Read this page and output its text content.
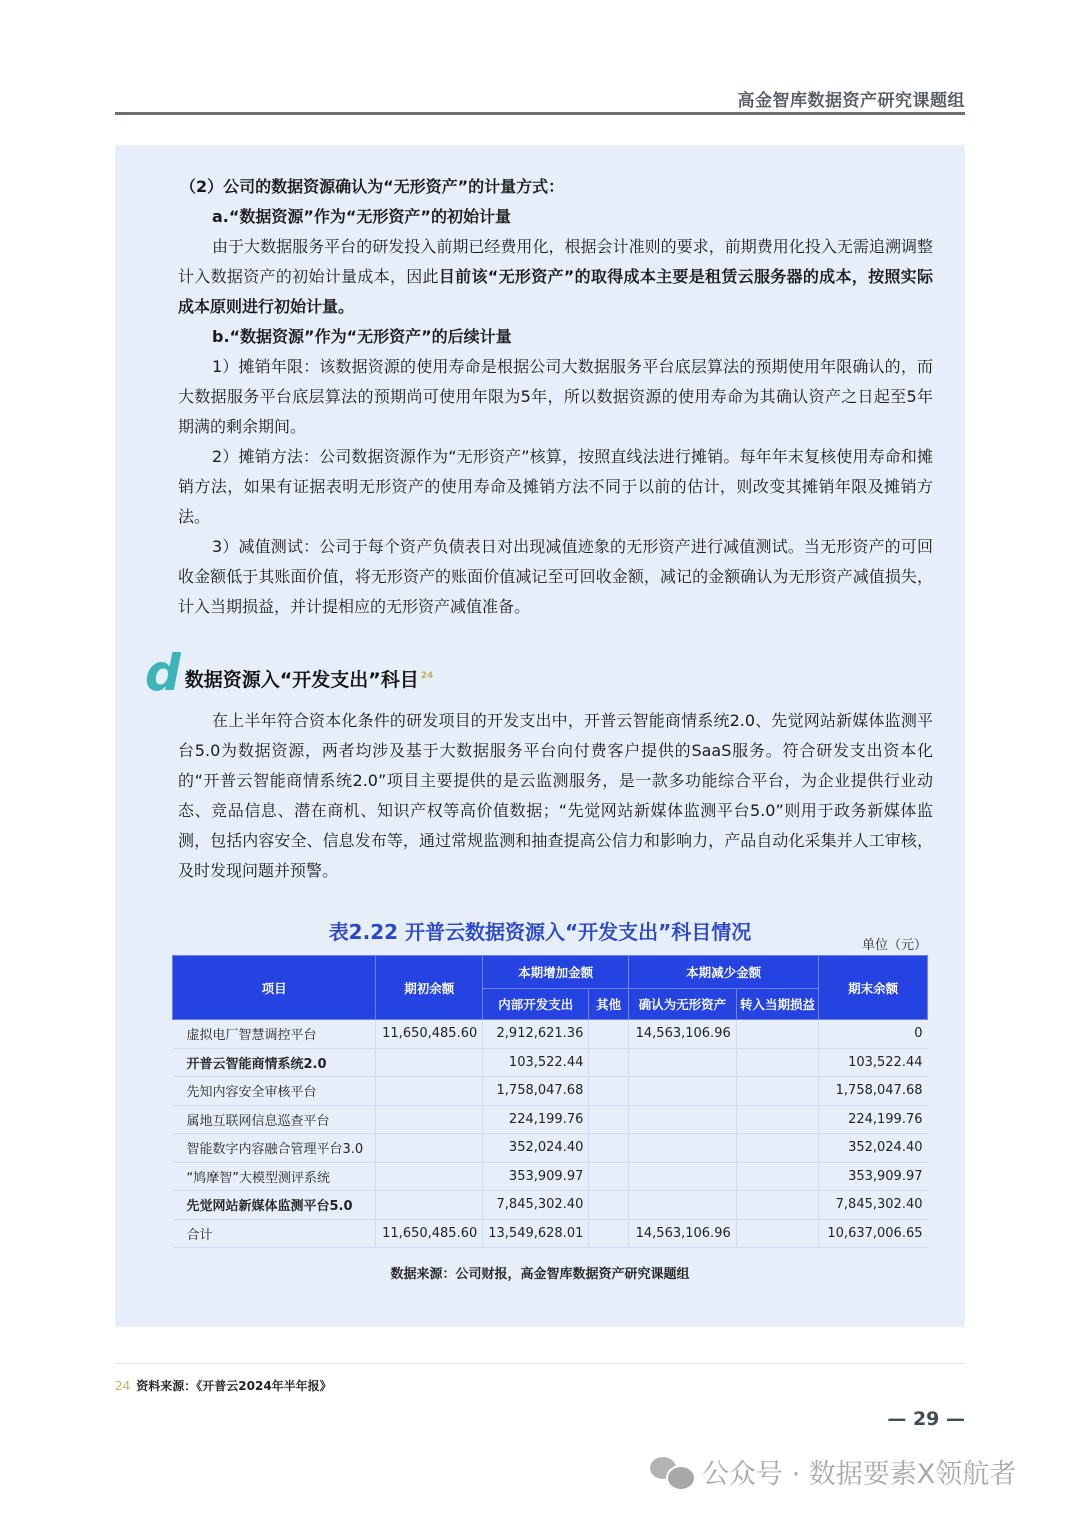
高金智库数据资产研究课题组

（2）公司的数据资源确认为“无形资产”的计量方式：

a.“数据资源”作为“无形资产”的初始计量

由于大数据服务平台的研发投入前期已经费用化，根据会计准则的要求，前期费用化投入无需追溯调整计入数据资产的初始计量成本，因此目前该“无形资产”的取得成本主要是租赁云服务器的成本，按照实际成本原则进行初始计量。

b.“数据资源”作为“无形资产”的后续计量

1）摊销年限：该数据资源的使用寿命是根据公司大数据服务平台底层算法的预期使用年限确认的，而大数据服务平台底层算法的预期尚可使用年限为5年，所以数据资源的使用寿命为其确认资产之日起至5年期满的剩余期间。

2）摊销方法：公司数据资源作为“无形资产”核算，按照直线法进行摊销。每年年末复核使用寿命和摊销方法，如果有证据表明无形资产的使用寿命及摊销方法不同于以前的估计，则改变其摊销年限及摊销方法。

3）减值测试：公司于每个资产负债表日对出现减值迹象的无形资产进行减值测试。当无形资产的可回收金额低于其账面价值，将无形资产的账面价值减记至可回收金额，减记的金额确认为无形资产减值损失，计入当期损益，并计提相应的无形资产减值准备。

d 数据资源入“开发支出”科目 $^{24}$

在上半年符合资本化条件的研发项目的开发支出中，开普云智能商情系统2.0、先觉网站新媒体监测平台5.0为数据资源，两者均涉及基于大数据服务平台向付费客户提供的SaaS服务。符合研发支出资本化的“开普云智能商情系统2.0”项目主要提供的是云监测服务，是一款多功能综合平台，为企业提供行业动态、竞品信息、潜在商机、知识产权等高价值数据；“先觉网站新媒体监测平台5.0”则用于政务新媒体监测，包括内容安全、信息发布等，通过常规监测和抽查提高公信力和影响力，产品自动化采集并人工审核，及时发现问题并预警。

表2.22 开普云数据资源入“开发支出”科目情况
单位（元）
项目	期初余额	本期增加金额		本期减少金额		期末余额
		内部开发支出	其他	确认为无形资产	转入当期损益	
虚拟电厂智慧调控平台	11,650,485.60	2,912,621.36		14,563,106.96		0
开普云智能商情系统2.0		103,522.44				103,522.44
先知内容安全审核平台		1,758,047.68				1,758,047.68
属地互联网信息巡查平台		224,199.76				224,199.76
智能数字内容融合管理平台3.0		352,024.40				352,024.40
“鸠摩智”大模型测评系统		353,909.97				353,909.97
先觉网站新媒体监测平台5.0		7,845,302.40				7,845,302.40
合计	11,650,485.60	13,549,628.01		14,563,106.96		10,637,006.65
数据来源：公司财报，高金智库数据资产研究课题组
24 资料来源：《开普云2024年半年报》
— 29 —
公众号 · 数据要素X领航者
